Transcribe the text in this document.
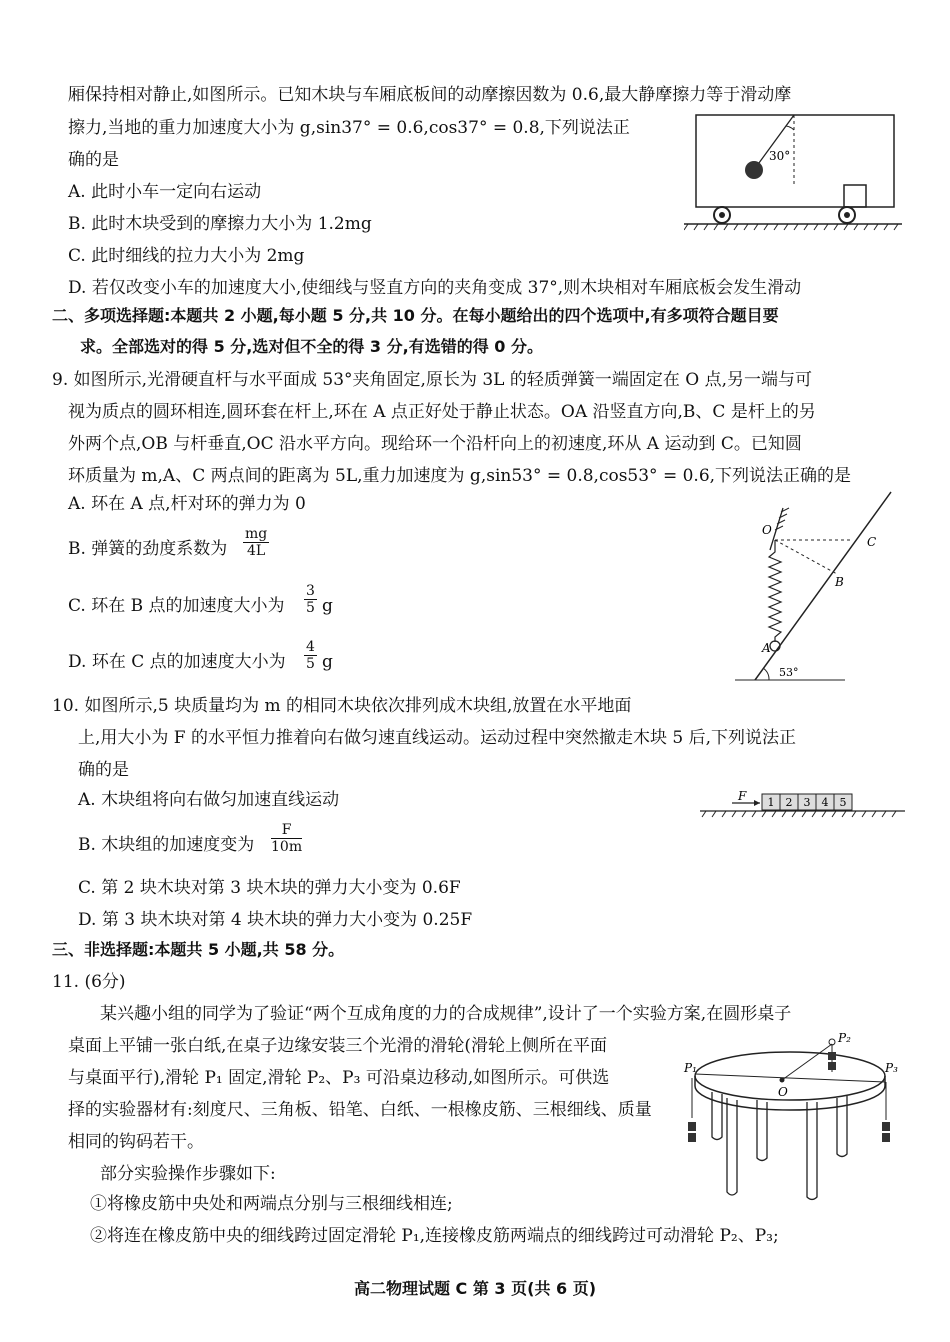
厢保持相对静止,如图所示。已知木块与车厢底板间的动摩擦因数为 0.6,最大静摩擦力等于滑动摩
擦力,当地的重力加速度大小为 g,sin37° = 0.6,cos37° = 0.8,下列说法正
确的是
A. 此时小车一定向右运动
B. 此时木块受到的摩擦力大小为 1.2mg
C. 此时细线的拉力大小为 2mg
D. 若仅改变小车的加速度大小,使细线与竖直方向的夹角变成 37°,则木块相对车厢底板会发生滑动
30°
二、多项选择题:本题共 2 小题,每小题 5 分,共 10 分。在每小题给出的四个选项中,有多项符合题目要
求。全部选对的得 5 分,选对但不全的得 3 分,有选错的得 0 分。
9. 如图所示,光滑硬直杆与水平面成 53°夹角固定,原长为 3L 的轻质弹簧一端固定在 O 点,另一端与可
视为质点的圆环相连,圆环套在杆上,环在 A 点正好处于静止状态。OA 沿竖直方向,B、C 是杆上的另
外两个点,OB 与杆垂直,OC 沿水平方向。现给环一个沿杆向上的初速度,环从 A 运动到 C。已知圆
环质量为 m,A、C 两点间的距离为 5L,重力加速度为 g,sin53° = 0.8,cos53° = 0.6,下列说法正确的是
A. 环在 A 点,杆对环的弹力为 0
B. 弹簧的劲度系数为 $\frac{mg}{4L}$
C. 环在 B 点的加速度大小为 $\frac{3}{5}$ g
D. 环在 C 点的加速度大小为 $\frac{4}{5}$ g
O
A
B
C
53°
10. 如图所示,5 块质量均为 m 的相同木块依次排列成木块组,放置在水平地面
上,用大小为 F 的水平恒力推着向右做匀速直线运动。运动过程中突然撤走木块 5 后,下列说法正
确的是
A. 木块组将向右做匀加速直线运动
B. 木块组的加速度变为 $\frac{F}{10m}$
C. 第 2 块木块对第 3 块木块的弹力大小变为 0.6F
D. 第 3 块木块对第 4 块木块的弹力大小变为 0.25F
F 1 2 3 4 5
三、非选择题:本题共 5 小题,共 58 分。
11. (6分)
某兴趣小组的同学为了验证“两个互成角度的力的合成规律”,设计了一个实验方案,在圆形桌子
桌面上平铺一张白纸,在桌子边缘安装三个光滑的滑轮(滑轮上侧所在平面
与桌面平行),滑轮 P₁ 固定,滑轮 P₂、P₃ 可沿桌边移动,如图所示。可供选
择的实验器材有:刻度尺、三角板、铅笔、白纸、一根橡皮筋、三根细线、质量
相同的钩码若干。
部分实验操作步骤如下:
①将橡皮筋中央处和两端点分别与三根细线相连;
②将连在橡皮筋中央的细线跨过固定滑轮 P₁,连接橡皮筋两端点的细线跨过可动滑轮 P₂、P₃;
P₁
P₂
P₃
O
高二物理试题 C 第 3 页(共 6 页)
